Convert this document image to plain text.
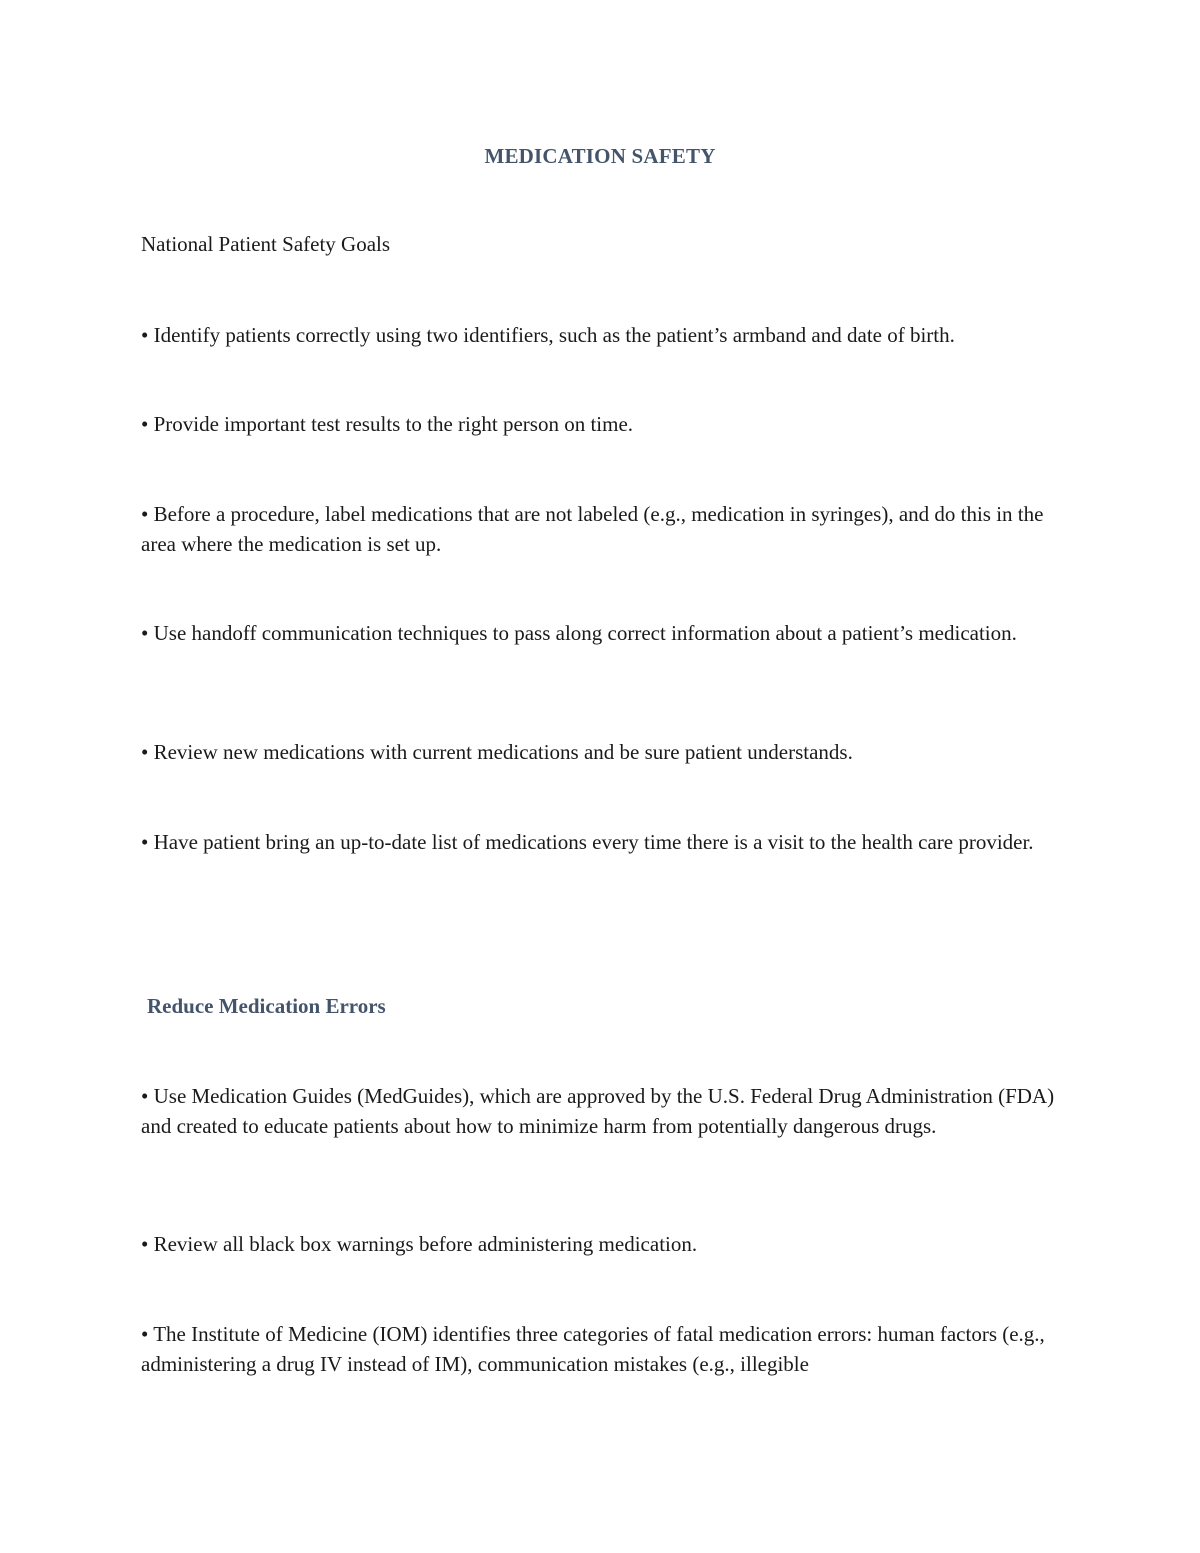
MEDICATION SAFETY
National Patient Safety Goals
• Identify patients correctly using two identifiers, such as the patient’s armband and date of birth.
• Provide important test results to the right person on time.
• Before a procedure, label medications that are not labeled (e.g., medication in syringes), and do this in the area where the medication is set up.
• Use handoff communication techniques to pass along correct information about a patient’s medication.
• Review new medications with current medications and be sure patient understands.
• Have patient bring an up-to-date list of medications every time there is a visit to the health care provider.
Reduce Medication Errors
• Use Medication Guides (MedGuides), which are approved by the U.S. Federal Drug Administration (FDA) and created to educate patients about how to minimize harm from potentially dangerous drugs.
• Review all black box warnings before administering medication.
• The Institute of Medicine (IOM) identifies three categories of fatal medication errors: human factors (e.g., administering a drug IV instead of IM), communication mistakes (e.g., illegible
